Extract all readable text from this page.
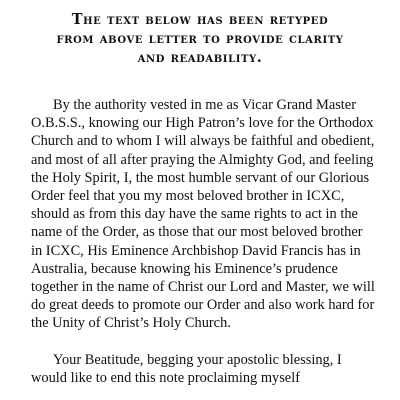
The text below has been retyped
from above letter to provide clarity
and readability.

By the authority vested in me as Vicar Grand Master
O.B.S.S., knowing our High Patron’s love for the Orthodox
Church and to whom I will always be faithful and obedient,
and most of all after praying the Almighty God, and feeling
the Holy Spirit, I, the most humble servant of our Glorious
Order feel that you my most beloved brother in ICXC,
should as from this day have the same rights to act in the
name of the Order, as those that our most beloved brother
in ICXC, His Eminence Archbishop David Francis has in
Australia, because knowing his Eminence’s prudence
together in the name of Christ our Lord and Master, we will
do great deeds to promote our Order and also work hard for
the Unity of Christ’s Holy Church.

Your Beatitude, begging your apostolic blessing, I
would like to end this note proclaiming myself
